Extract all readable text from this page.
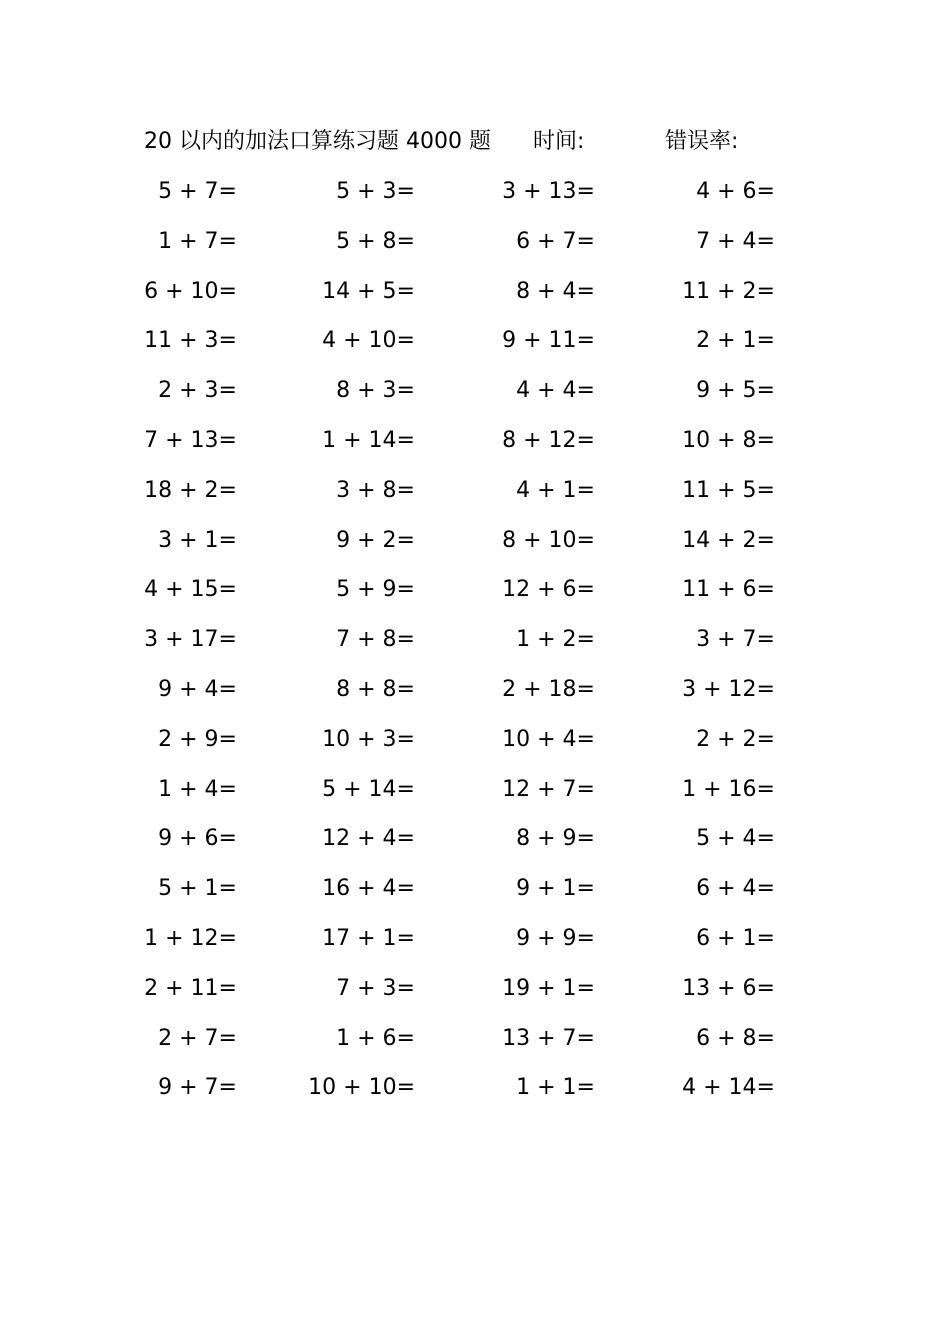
20 以内的加法口算练习题 4000 题 时间:	错误率:
5 + 7=	5 + 3=	3 + 13=	4 + 6=
1 + 7=	5 + 8=	6 + 7=	7 + 4=
6 + 10=	14 + 5=	8 + 4=	11 + 2=
11 + 3=	4 + 10=	9 + 11=	2 + 1=
2 + 3=	8 + 3=	4 + 4=	9 + 5=
7 + 13=	1 + 14=	8 + 12=	10 + 8=
18 + 2=	3 + 8=	4 + 1=	11 + 5=
3 + 1=	9 + 2=	8 + 10=	14 + 2=
4 + 15=	5 + 9=	12 + 6=	11 + 6=
3 + 17=	7 + 8=	1 + 2=	3 + 7=
9 + 4=	8 + 8=	2 + 18=	3 + 12=
2 + 9=	10 + 3=	10 + 4=	2 + 2=
1 + 4=	5 + 14=	12 + 7=	1 + 16=
9 + 6=	12 + 4=	8 + 9=	5 + 4=
5 + 1=	16 + 4=	9 + 1=	6 + 4=
1 + 12=	17 + 1=	9 + 9=	6 + 1=
2 + 11=	7 + 3=	19 + 1=	13 + 6=
2 + 7=	1 + 6=	13 + 7=	6 + 8=
9 + 7=	10 + 10=	1 + 1=	4 + 14=
